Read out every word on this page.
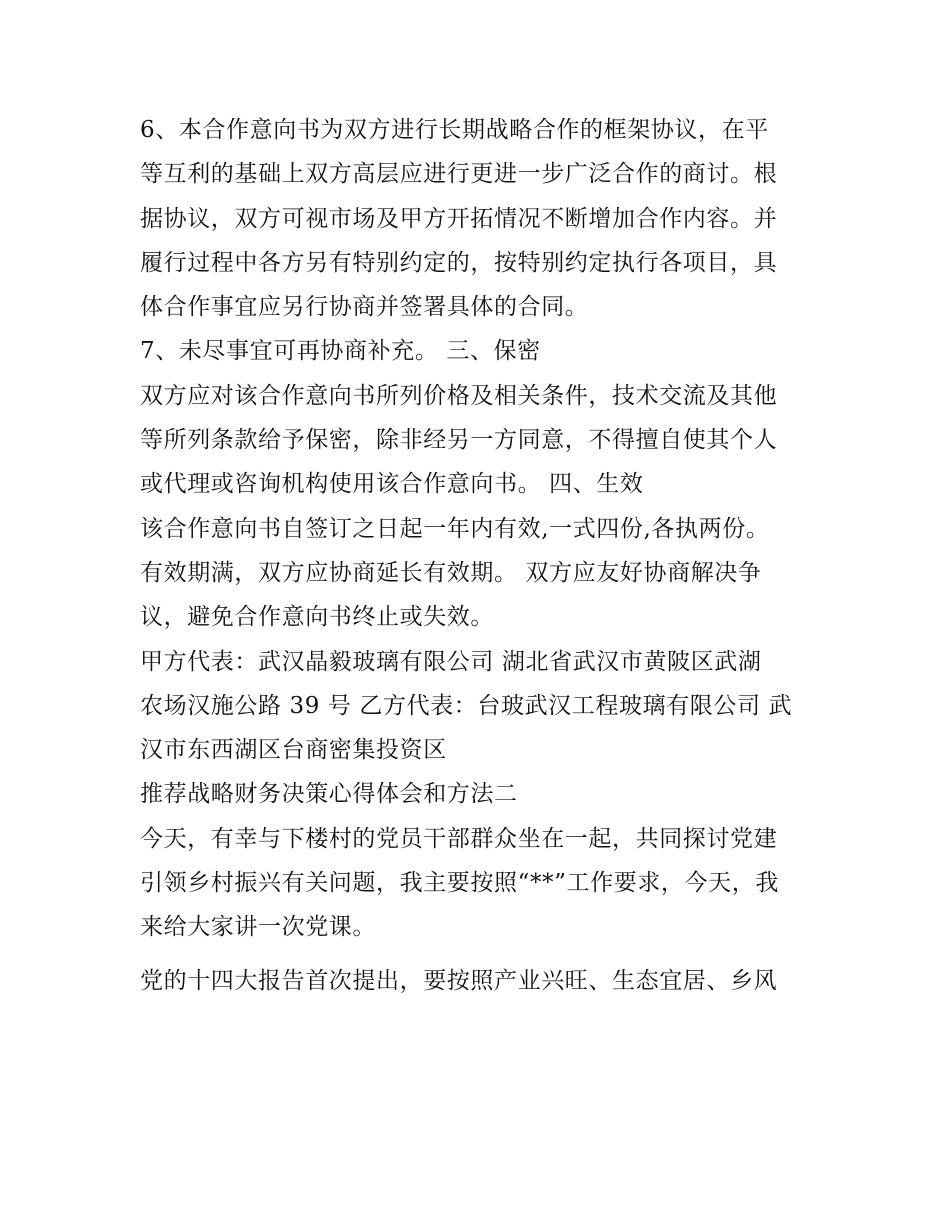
6、本合作意向书为双方进行长期战略合作的框架协议，在平
等互利的基础上双方高层应进行更进一步广泛合作的商讨。根
据协议，双方可视市场及甲方开拓情况不断增加合作内容。并
履行过程中各方另有特别约定的，按特别约定执行各项目，具
体合作事宜应另行协商并签署具体的合同。
7、未尽事宜可再协商补充。 三、保密
双方应对该合作意向书所列价格及相关条件，技术交流及其他
等所列条款给予保密，除非经另一方同意，不得擅自使其个人
或代理或咨询机构使用该合作意向书。 四、生效
该合作意向书自签订之日起一年内有效,一式四份,各执两份。
有效期满，双方应协商延长有效期。 双方应友好协商解决争
议，避免合作意向书终止或失效。
甲方代表：武汉晶毅玻璃有限公司 湖北省武汉市黄陂区武湖
农场汉施公路 39 号 乙方代表：台玻武汉工程玻璃有限公司 武
汉市东西湖区台商密集投资区
推荐战略财务决策心得体会和方法二
今天，有幸与下楼村的党员干部群众坐在一起，共同探讨党建
引领乡村振兴有关问题，我主要按照“**”工作要求，今天，我
来给大家讲一次党课。
党的十四大报告首次提出，要按照产业兴旺、生态宜居、乡风
